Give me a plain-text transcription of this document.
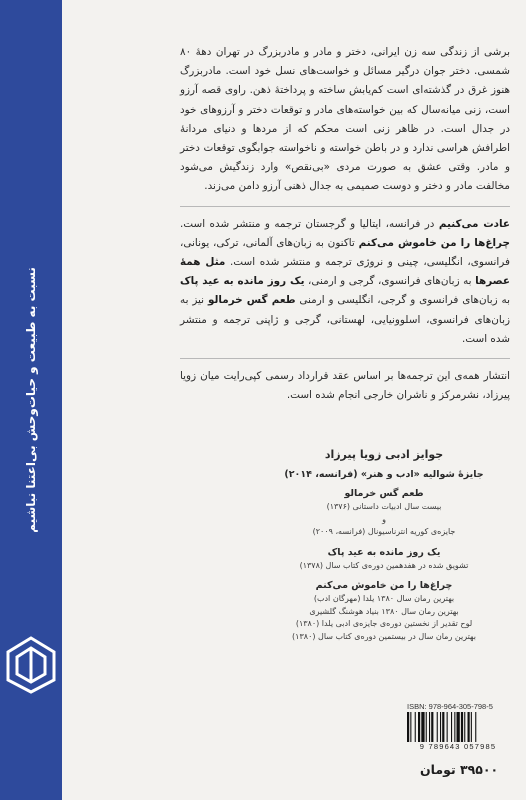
نسبت به طبیعت و حیات‌وحش بی‌اعتنا نباشیم

برشی از زندگی سه زن ایرانی، دختر و مادر و مادربزرگ در تهران دههٔ ۸۰ شمسی. دختر جوان درگیر مسائل و خواست‌های نسل خود است. مادربزرگ هنوز غرق در گذشته‌ای است کم‌یابش ساخته و پرداختهٔ ذهن. راوی قصه آرزو است، زنی میانه‌سال که بین خواسته‌های مادر و توقعات دختر و آرزوهای خود در جدال است. در ظاهر زنی است محکم که از مردها و دنیای مردانهٔ اطرافش هراسی ندارد و در باطن خواسته و ناخواسته جوابگوی توقعات دختر و مادر. وقتی عشق به صورت مردی «بی‌نقص» وارد زندگیش می‌شود مخالفت مادر و دختر و دوست صمیمی به جدال ذهنی آرزو دامن می‌زند.

عادت می‌کنیم در فرانسه، ایتالیا و گرجستان ترجمه و منتشر شده است. چراغ‌ها را من خاموش می‌کنم تاکنون به زبان‌های آلمانی، ترکی، یونانی، فرانسوی، انگلیسی، چینی و نروژی ترجمه و منتشر شده است. مثل همهٔ عصرها به زبان‌های فرانسوی، گرجی و ارمنی، یک روز مانده به عید پاک به زبان‌های فرانسوی و گرجی، انگلیسی و ارمنی طعم گس خرمالو نیز به زبان‌های فرانسوی، اسلوونیایی، لهستانی، گرجی و ژاپنی ترجمه و منتشر شده است.

انتشار همه‌ی این ترجمه‌ها بر اساس عقد قرارداد رسمی کپی‌رایت میان زویا پیرزاد، نشرمرکز و ناشران خارجی انجام شده است.

جوایز ادبی زویا پیرزاد
جایزهٔ شوالیه «ادب و هنر» (فرانسه، ۲۰۱۴)
طعم گس خرمالو
بیست سال ادبیات داستانی (۱۳۷۶)
و
جایزه‌ی کوریه انترناسیونال (فرانسه، ۲۰۰۹)
یک روز مانده به عید پاک
تشویق شده در هفدهمین دوره‌ی کتاب سال (۱۳۷۸)
چراغ‌ها را من خاموش می‌کنم
بهترین رمان سال ۱۳۸۰ یلدا (مهرگان ادب)
بهترین رمان سال ۱۳۸۰ بنیاد هوشنگ گلشیری
لوح تقدیر از نخستین دوره‌ی جایزه‌ی ادبی یلدا (۱۳۸۰)
بهترین رمان سال در بیستمین دوره‌ی کتاب سال (۱۳۸۰)
ISBN: 978-964-305-798-5
9 789643 057985
۳۹۵۰۰ تومان
